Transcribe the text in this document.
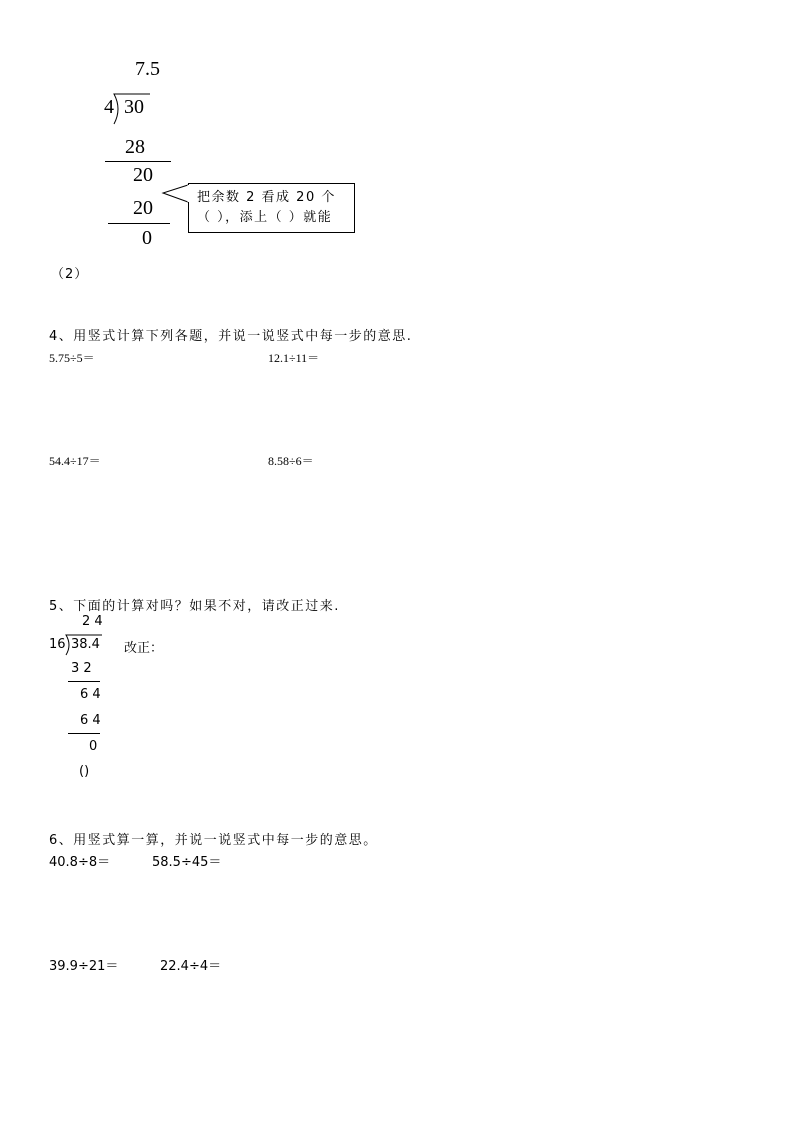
7.5
4 30
28
20
20
0
把余数 2 看成 20 个
（ ），添上（ ）就能
（2）
4、用竖式计算下列各题，并说一说竖式中每一步的意思.
5.75÷5＝	12.1÷11＝
54.4÷17＝	8.58÷6＝
5、下面的计算对吗？如果不对，请改正过来.
2 4
16 38.4 改正：
3 2
6 4
6 4
0
()
6、用竖式算一算，并说一说竖式中每一步的意思。
40.8÷8＝	58.5÷45＝
39.9÷21＝	22.4÷4＝
